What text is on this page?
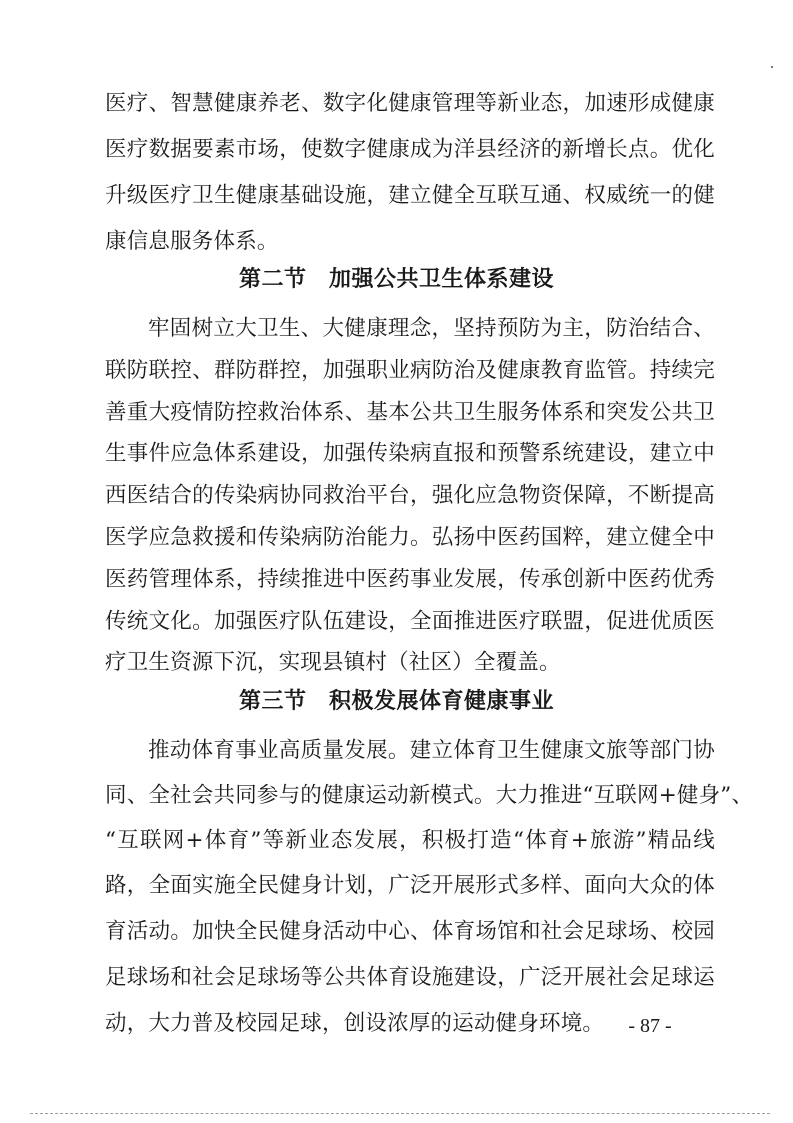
医疗、智慧健康养老、数字化健康管理等新业态，加速形成健康
医疗数据要素市场，使数字健康成为洋县经济的新增长点。优化
升级医疗卫生健康基础设施，建立健全互联互通、权威统一的健
康信息服务体系。
第二节　加强公共卫生体系建设
牢固树立大卫生、大健康理念，坚持预防为主，防治结合、
联防联控、群防群控，加强职业病防治及健康教育监管。持续完
善重大疫情防控救治体系、基本公共卫生服务体系和突发公共卫
生事件应急体系建设，加强传染病直报和预警系统建设，建立中
西医结合的传染病协同救治平台，强化应急物资保障，不断提高
医学应急救援和传染病防治能力。弘扬中医药国粹，建立健全中
医药管理体系，持续推进中医药事业发展，传承创新中医药优秀
传统文化。加强医疗队伍建设，全面推进医疗联盟，促进优质医
疗卫生资源下沉，实现县镇村（社区）全覆盖。
第三节　积极发展体育健康事业
推动体育事业高质量发展。建立体育卫生健康文旅等部门协
同、全社会共同参与的健康运动新模式。大力推进“互联网+健身”、
“互联网+体育”等新业态发展，积极打造“体育+旅游”精品线
路，全面实施全民健身计划，广泛开展形式多样、面向大众的体
育活动。加快全民健身活动中心、体育场馆和社会足球场、校园
足球场和社会足球场等公共体育设施建设，广泛开展社会足球运
动，大力普及校园足球，创设浓厚的运动健身环境。	- 87 -
